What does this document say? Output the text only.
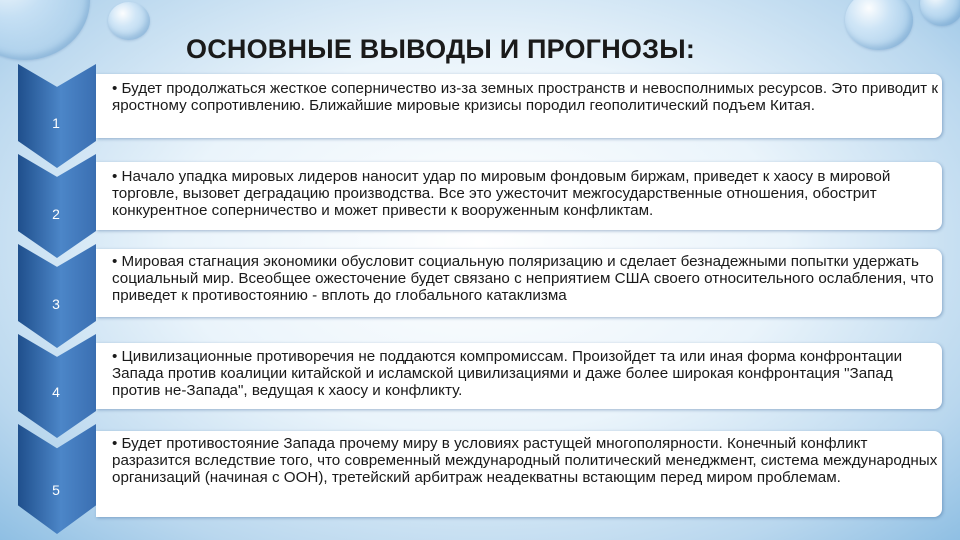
ОСНОВНЫЕ ВЫВОДЫ И ПРОГНОЗЫ:
1
2
3
4
5
• Будет продолжаться жесткое соперничество из-за земных пространств и невосполнимых ресурсов. Это приводит к яростному сопротивлению. Ближайшие мировые кризисы породил геополитический подъем Китая.
• Начало упадка мировых лидеров наносит удар по мировым фондовым биржам, приведет к хаосу в мировой торговле, вызовет деградацию производства. Все это ужесточит межгосударственные отношения, обострит конкурентное соперничество и может привести к вооруженным конфликтам.
• Мировая стагнация экономики обусловит социальную поляризацию и сделает безнадежными попытки удержать социальный мир. Всеобщее ожесточение будет связано с неприятием США своего относительного ослабления, что приведет к противостоянию - вплоть до глобального катаклизма
• Цивилизационные противоречия не поддаются компромиссам. Произойдет та или иная форма конфронтации Запада против коалиции китайской и исламской цивилизациями и даже более широкая конфронтация "Запад против не-Запада", ведущая к хаосу и конфликту.
• Будет противостояние Запада прочему миру в условиях растущей многополярности. Конечный конфликт разразится вследствие того, что современный международный политический менеджмент, система международных организаций (начиная с ООН), третейский арбитраж неадекватны встающим перед миром проблемам.
